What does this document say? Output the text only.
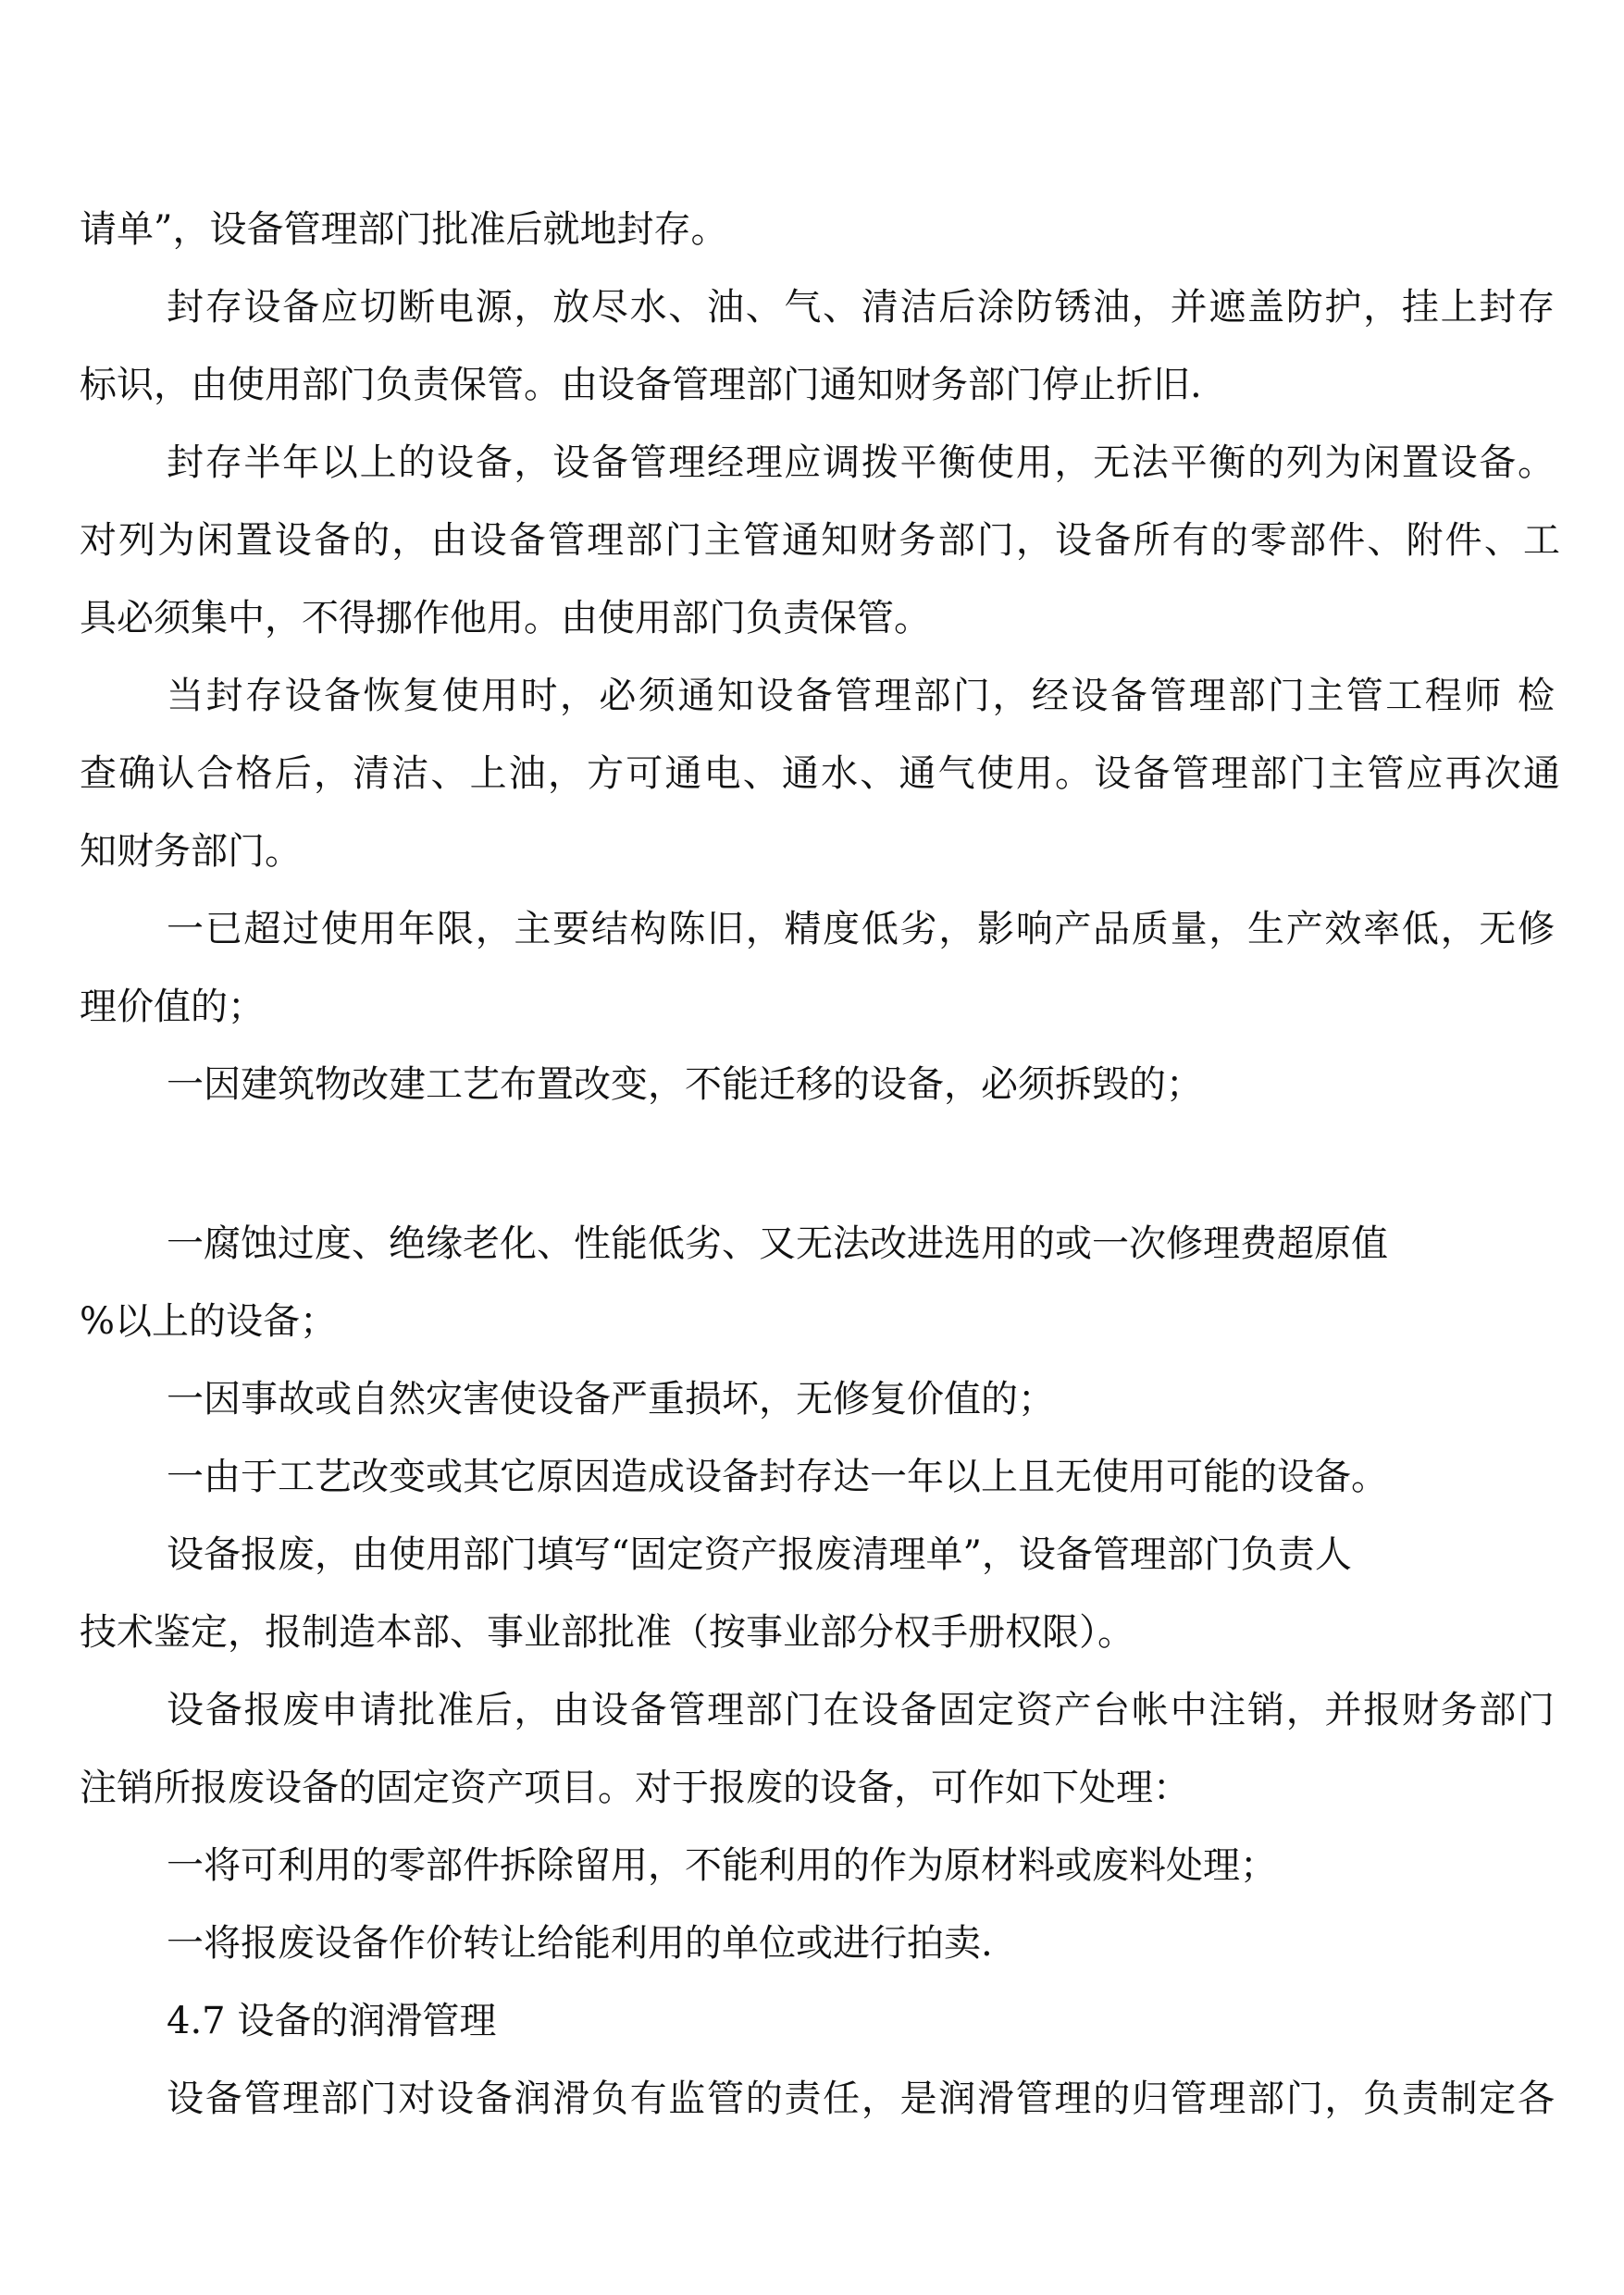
请单”，设备管理部门批准后就地封存。
封存设备应切断电源，放尽水、油、气、清洁后涂防锈油，并遮盖防护，挂上封存
标识，由使用部门负责保管。由设备管理部门通知财务部门停止折旧.
封存半年以上的设备，设备管理经理应调拨平衡使用，无法平衡的列为闲置设备。
对列为闲置设备的，由设备管理部门主管通知财务部门，设备所有的零部件、附件、工
具必须集中，不得挪作他用。由使用部门负责保管。
当封存设备恢复使用时，必须通知设备管理部门，经设备管理部门主管工程师 检
查确认合格后，清洁、上油，方可通电、通水、通气使用。设备管理部门主管应再次通
知财务部门。
一已超过使用年限，主要结构陈旧，精度低劣，影响产品质量，生产效率低，无修
理价值的；
一因建筑物改建工艺布置改变，不能迁移的设备，必须拆毁的；
一腐蚀过度、绝缘老化、性能低劣、又无法改进选用的或一次修理费超原值
%以上的设备；
一因事故或自然灾害使设备严重损坏，无修复价值的；
一由于工艺改变或其它原因造成设备封存达一年以上且无使用可能的设备。
设备报废，由使用部门填写“固定资产报废清理单”，设备管理部门负责人
技术鉴定，报制造本部、事业部批准（按事业部分权手册权限）。
设备报废申请批准后，由设备管理部门在设备固定资产台帐中注销，并报财务部门
注销所报废设备的固定资产项目。对于报废的设备，可作如下处理：
一将可利用的零部件拆除留用，不能利用的作为原材料或废料处理；
一将报废设备作价转让给能利用的单位或进行拍卖.
4.7 设备的润滑管理
设备管理部门对设备润滑负有监管的责任，是润滑管理的归管理部门，负责制定各
